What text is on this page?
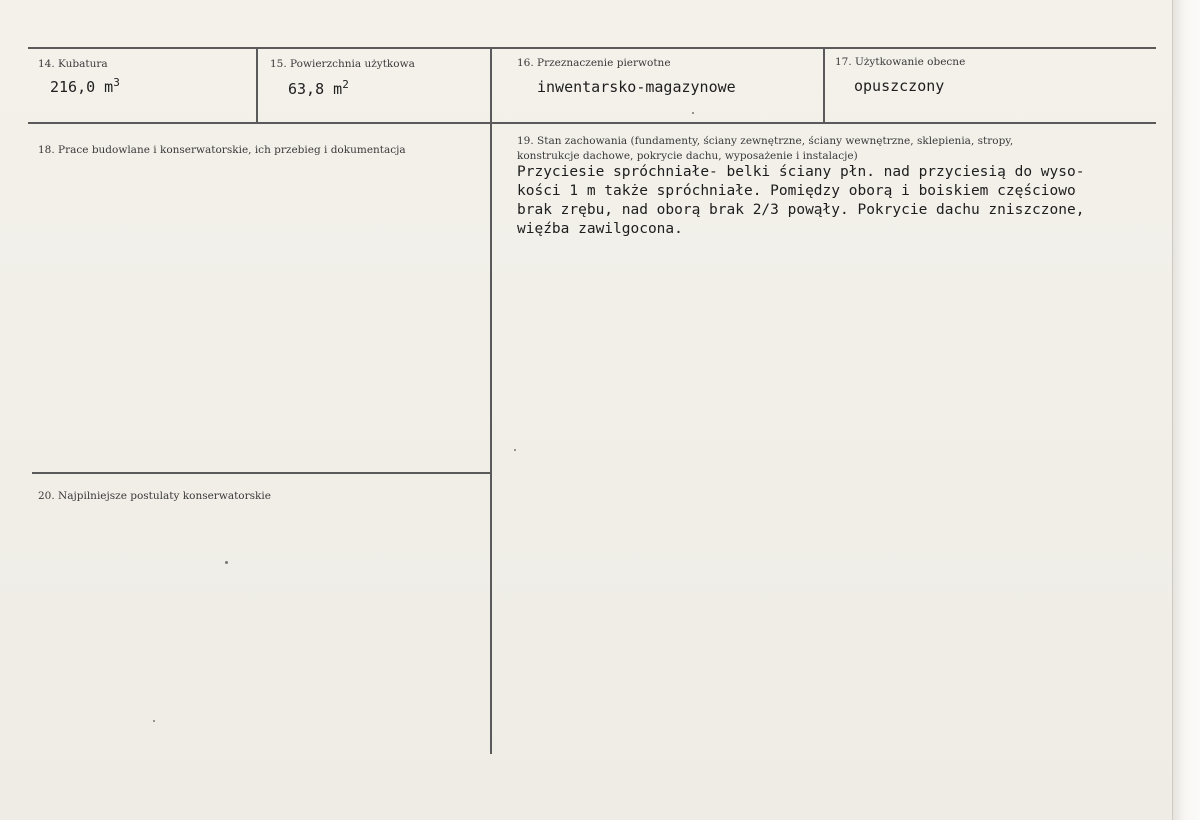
14. Kubatura
216,0 $m^3$
15. Powierzchnia użytkowa
63,8 $m^2$
16. Przeznaczenie pierwotne
inwentarsko-magazynowe
17. Użytkowanie obecne
opuszczony
18. Prace budowlane i konserwatorskie, ich przebieg i dokumentacja
19. Stan zachowania (fundamenty, ściany zewnętrzne, ściany wewnętrzne, sklepienia, stropy,
konstrukcje dachowe, pokrycie dachu, wyposażenie i instalacje)
Przyciesie spróchniałe- belki ściany płn. nad przyciesią do wyso-
kości 1 m także spróchniałe. Pomiędzy oborą i boiskiem częściowo
brak zrębu, nad oborą brak 2/3 powąły. Pokrycie dachu zniszczone,
więźba zawilgocona.
20. Najpilniejsze postulaty konserwatorskie
